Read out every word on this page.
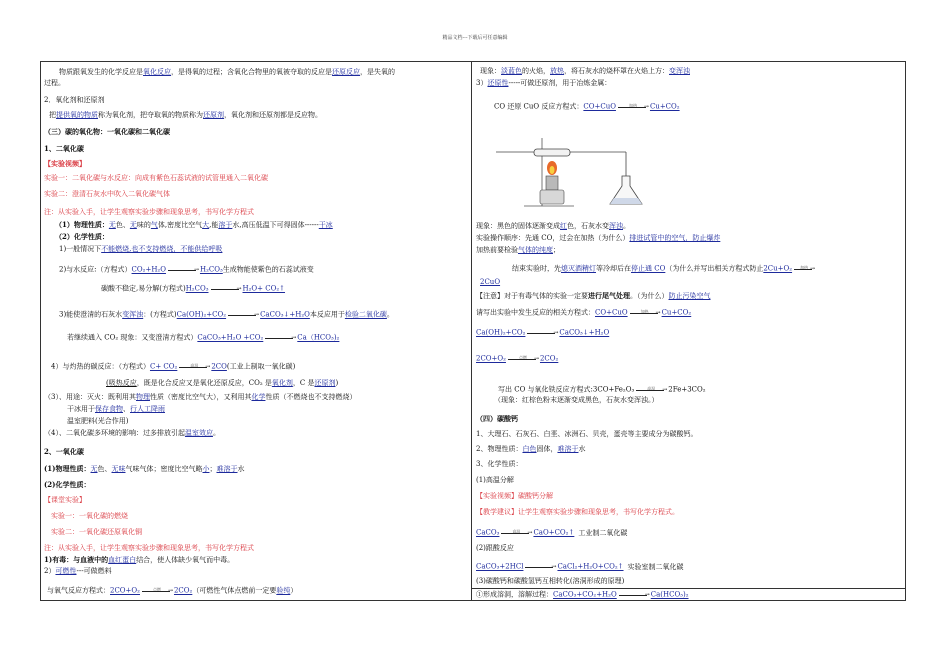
精品文档---下载后可任意编辑
物质跟氧发生的化学反应是氧化反应，是得氧的过程；含氧化合物里的氧被夺取的反应是还原反应，是失氧的
过程。
2．氧化剂和还原剂
把提供氧的物质称为氧化剂，把夺取氧的物质称为还原剂，氧化剂和还原剂都是反应物。
（三）碳的氧化物：一氧化碳和二氧化碳
1、二氧化碳
【实验视频】
实验一：二氧化碳与水反应：向成有紫色石蕊试液的试管里通入二氧化碳
实验二：澄清石灰水中吹入二氧化碳气体
注：从实验入手，让学生观察实验步骤和现象思考，书写化学方程式
（1）物理性质：无色、无味的气体,密度比空气大,能溶于水,高压低温下可得固体------干冰
（2）化学性质：
1)一般情况下不能燃烧,也不支持燃烧，不能供给呼吸
2)与水反应:（方程式）CO₂+H₂O	→ H₂CO₃生成物能使紫色的石蕊试液变
碳酸不稳定,易分解(方程式)H₂CO₃	→ H₂O+ CO₂↑
3)能使澄清的石灰水变浑浊：(方程式)Ca(OH)₂+CO₂	→ CaCO₃↓+H₂O本反应用于检验二氧化碳。
若继续通入 CO₂ 现象：又变澄清方程式）CaCO₃+H₂O +CO₂	→ Ca（HCO₃)₂
4）与灼热的碳反应：（方程式）C+ CO₂	高温	→ 2CO(工业上制取一氧化碳)
(吸热反应，既是化合反应又是氧化还原反应，CO₂ 是氧化剂，C 是还原剂)
（3）、用途：灭火：既利用其物理性质（密度比空气大），又利用其化学性质（不燃烧也不支持燃烧）
干冰用于保存食物、行人工降雨
温室肥料(光合作用)
（4）、二氧化碳多环境的影响：过多排放引起温室效应。
2、一氧化碳
(1)物理性质：无色、无味气味气体；密度比空气略小；难溶于水
(2)化学性质：
【课堂实验】
实验一：一氧化碳的燃烧
实验二：一氧化碳还原氧化铜
注：从实验入手，让学生观察实验步骤和现象思考，书写化学方程式
1)有毒：与血液中的血红蛋白结合，使人体缺少氧气而中毒。
2）可燃性---可做燃料
与氧气反应方程式：2CO+O₂	点燃	→ 2CO₂（可燃性气体点燃前一定要验纯）
现象：淡蓝色的火焰，放热，将石灰水的烧杯罩在火焰上方：变浑浊
3）还原性-----可做还原剂，用于冶炼金属：
CO 还原 CuO 反应方程式：CO+CuO	加热	→ Cu+CO₂
现象：黑色的固体逐渐变成红色，石灰水变浑浊。
实验操作顺序：先通 CO，过会在加热（为什么）排进试管中的空气，防止爆炸
加热前要检验气体的纯度；
结束实验时，先熄灭酒精灯等冷却后在停止通 CO（为什么并写出相关方程式防止2Cu+O₂	加热 →
2CuO
【注意】对于有毒气体的实验一定要进行尾气处理。（为什么）防止污染空气
请写出实验中发生反应的相关方程式：CO+CuO	加热	→ Cu+CO₂
Ca(OH)₂+CO₂	→ CaCO₃↓+H₂O
2CO+O₂	点燃	→ 2CO₂
写出 CO 与氧化铁反应方程式:3CO+Fe₂O₃	高温	→ 2Fe+3CO₂
（现象：红棕色粉末逐渐变成黑色，石灰水变浑浊。）
（四）碳酸钙
1、大理石、石灰石、白垩、冰洲石、贝壳，蛋壳等主要成分为碳酸钙。
2、物理性质：白色固体，难溶于水
3、化学性质：
(1)高温分解
【实验视频】碳酸钙分解
【教学建议】让学生观察实验步骤和现象思考，书写化学方程式。
CaCO₃	高温	→ CaO+CO₂↑ 工业制二氧化碳
(2)跟酸反应
CaCO₃+2HCl	→ CaCl₂+H₂O+CO₂↑ 实验室制二氧化碳
(3)碳酸钙和碳酸氢钙互相转化(溶洞形成的原理)
①形成溶洞，溶解过程：CaCO₃+CO₂+H₂O	→ Ca(HCO₃)₂
